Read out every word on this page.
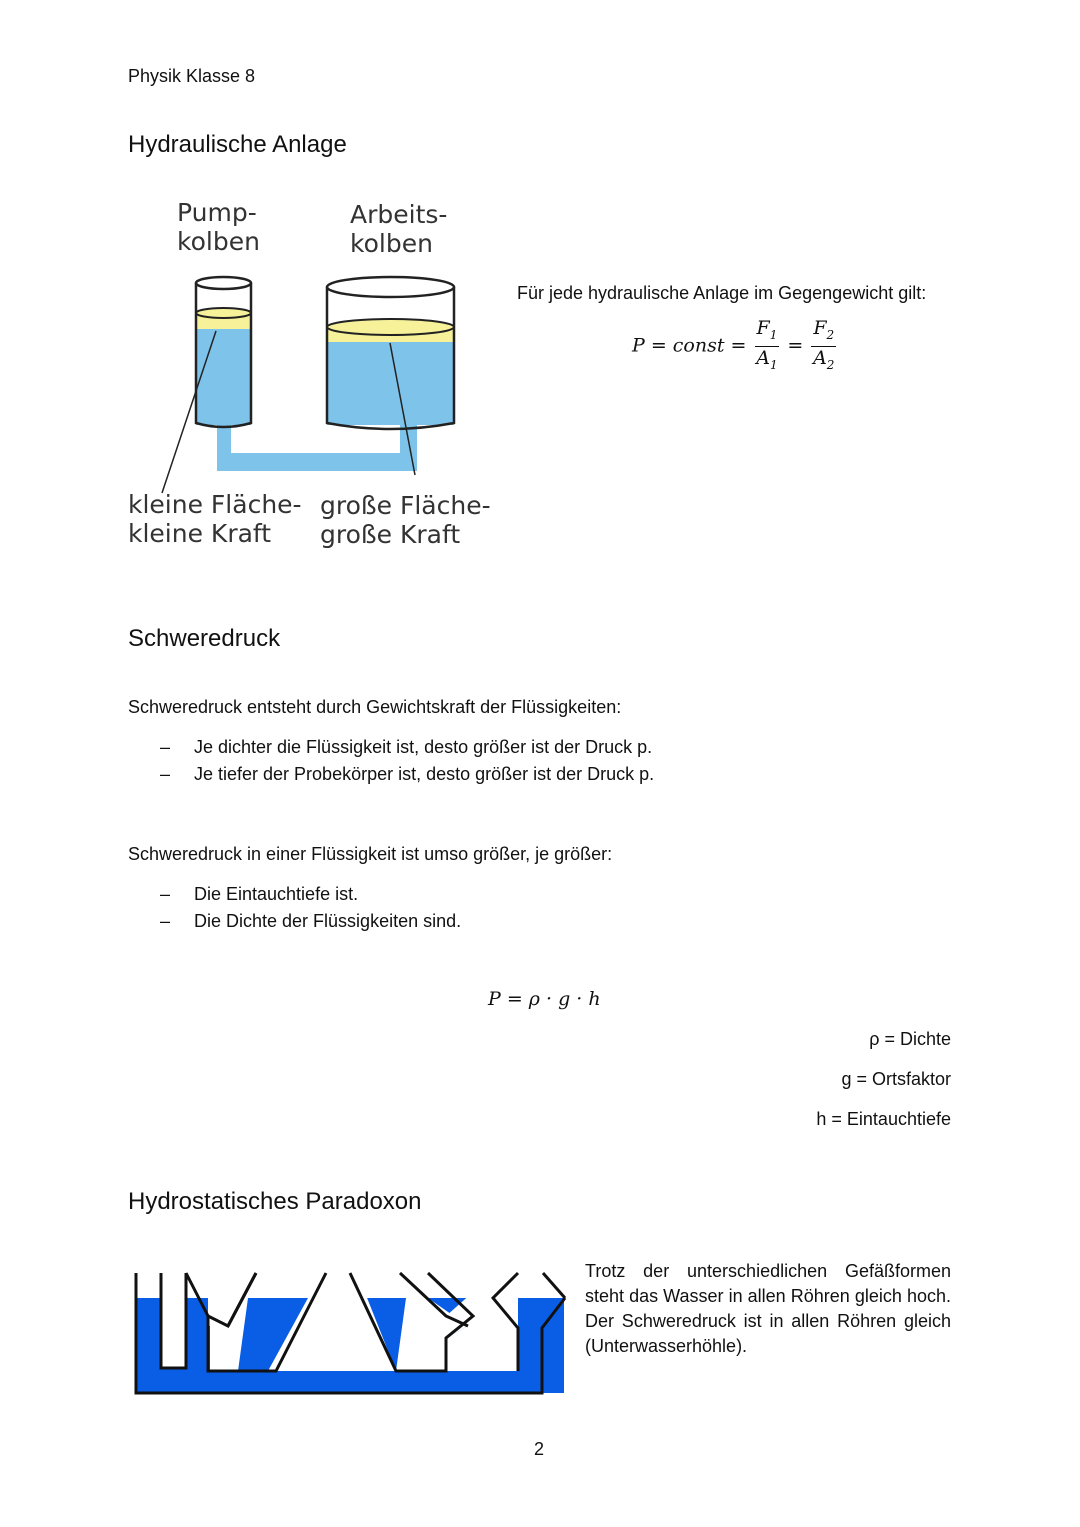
Physik Klasse 8
Hydraulische Anlage
Pump-
kolben
Arbeits-
kolben
kleine Fläche-
kleine Kraft
große Fläche-
große Kraft
Für jede hydraulische Anlage im Gegengewicht gilt:
P = const = $\frac{F_1}{A_1} = \frac{F_2}{A_2}$
Schweredruck
Schweredruck entsteht durch Gewichtskraft der Flüssigkeiten:
–	Je dichter die Flüssigkeit ist, desto größer ist der Druck p.
–	Je tiefer der Probekörper ist, desto größer ist der Druck p.
Schweredruck in einer Flüssigkeit ist umso größer, je größer:
–	Die Eintauchtiefe ist.
–	Die Dichte der Flüssigkeiten sind.
P = ρ · g · h
ρ = Dichte
g = Ortsfaktor
h = Eintauchtiefe
Hydrostatisches Paradoxon
Trotz der unterschiedlichen Gefäßformen steht das Wasser in allen Röhren gleich hoch. Der Schweredruck ist in allen Röhren gleich (Unterwasserhöhle).
2
